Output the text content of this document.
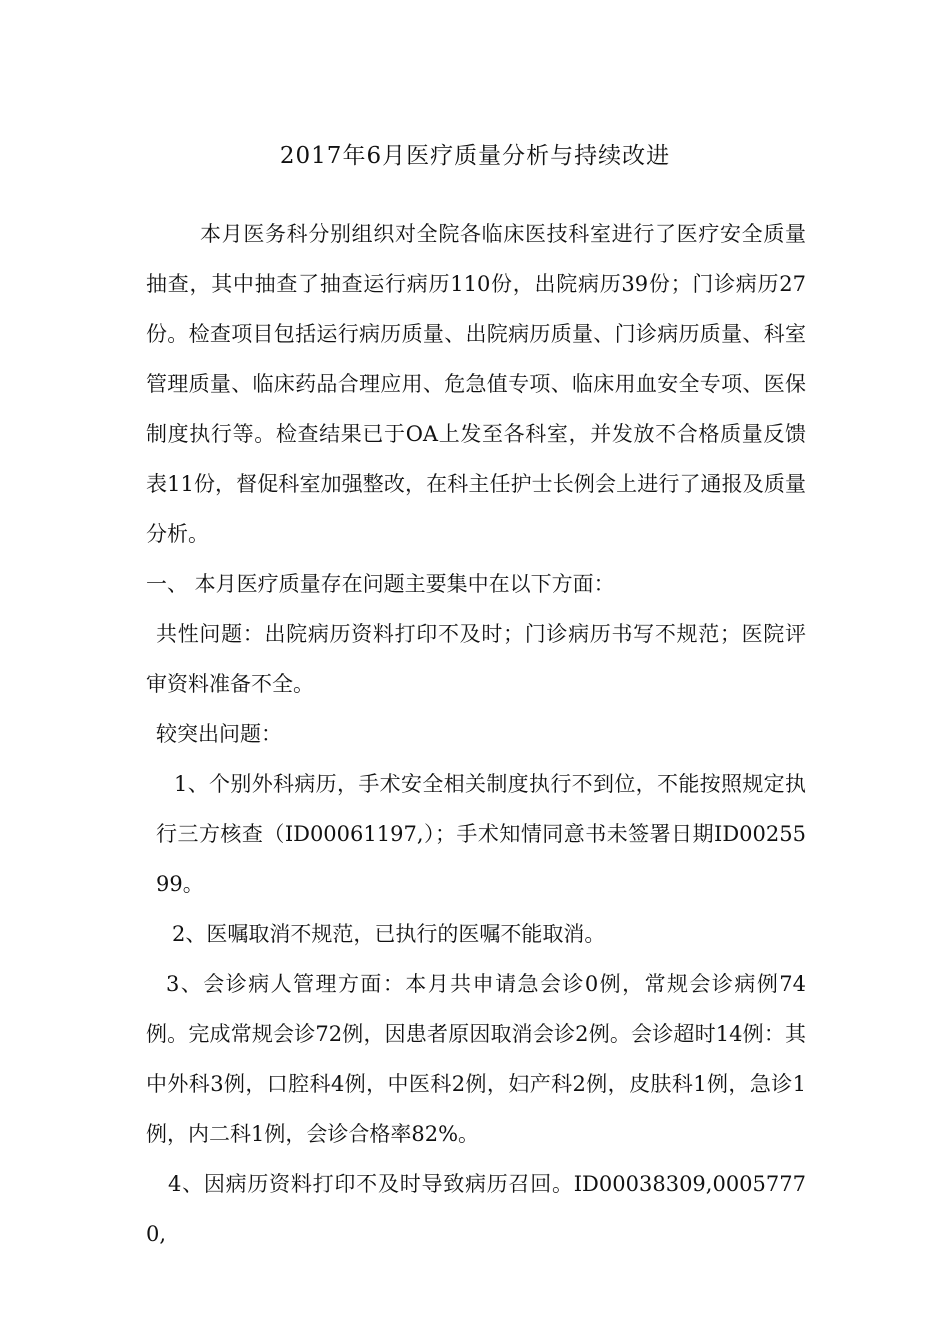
2017年6月医疗质量分析与持续改进

本月医务科分别组织对全院各临床医技科室进行了医疗安全质量抽查，其中抽查了抽查运行病历110份，出院病历39份；门诊病历27份。检查项目包括运行病历质量、出院病历质量、门诊病历质量、科室管理质量、临床药品合理应用、危急值专项、临床用血安全专项、医保制度执行等。检查结果已于OA上发至各科室，并发放不合格质量反馈表11份，督促科室加强整改，在科主任护士长例会上进行了通报及质量分析。

一、 本月医疗质量存在问题主要集中在以下方面：

共性问题：出院病历资料打印不及时；门诊病历书写不规范；医院评审资料准备不全。

较突出问题：

1、个别外科病历，手术安全相关制度执行不到位，不能按照规定执行三方核查（ID00061197,）；手术知情同意书未签署日期ID0025599。

2、医嘱取消不规范，已执行的医嘱不能取消。

3、会诊病人管理方面：本月共申请急会诊0例，常规会诊病例74例。完成常规会诊72例，因患者原因取消会诊2例。会诊超时14例：其中外科3例，口腔科4例，中医科2例，妇产科2例，皮肤科1例，急诊1例，内二科1例，会诊合格率82%。

4、因病历资料打印不及时导致病历召回。ID00038309,00057770,
